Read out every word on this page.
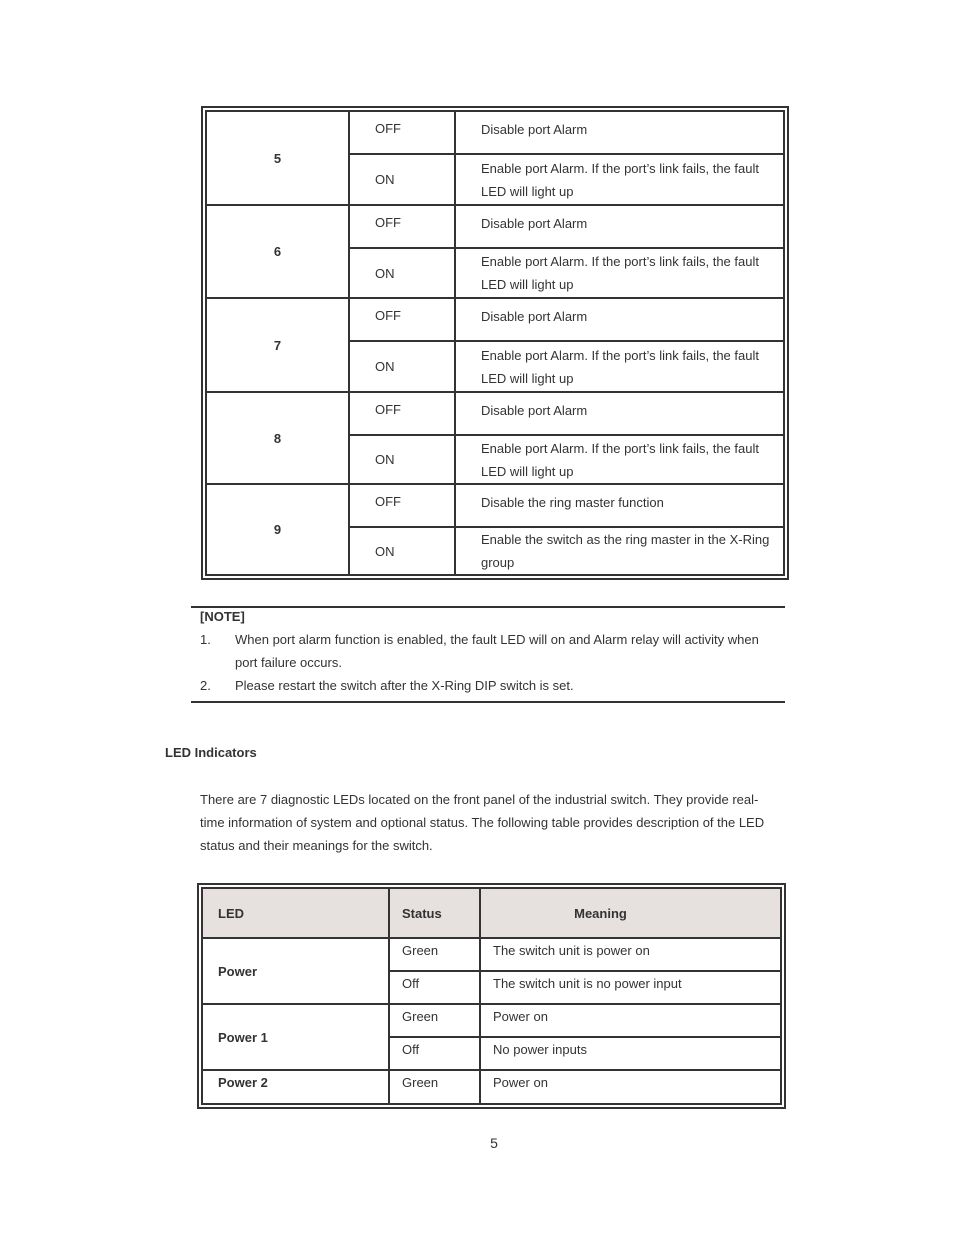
5	OFF	Disable port Alarm
	ON	Enable port Alarm. If the port’s link fails, the fault LED will light up
6	OFF	Disable port Alarm
	ON	Enable port Alarm. If the port’s link fails, the fault LED will light up
7	OFF	Disable port Alarm
	ON	Enable port Alarm. If the port’s link fails, the fault LED will light up
8	OFF	Disable port Alarm
	ON	Enable port Alarm. If the port’s link fails, the fault LED will light up
9	OFF	Disable the ring master function
	ON	Enable the switch as the ring master in the X-Ring group
[NOTE]
1. When port alarm function is enabled, the fault LED will on and Alarm relay will activity when port failure occurs.
2. Please restart the switch after the X-Ring DIP switch is set.
LED Indicators
There are 7 diagnostic LEDs located on the front panel of the industrial switch. They provide real-time information of system and optional status. The following table provides description of the LED status and their meanings for the switch.
LED	Status	Meaning
Power	Green	The switch unit is power on
	Off	The switch unit is no power input
Power 1	Green	Power on
	Off	No power inputs
Power 2	Green	Power on
5
